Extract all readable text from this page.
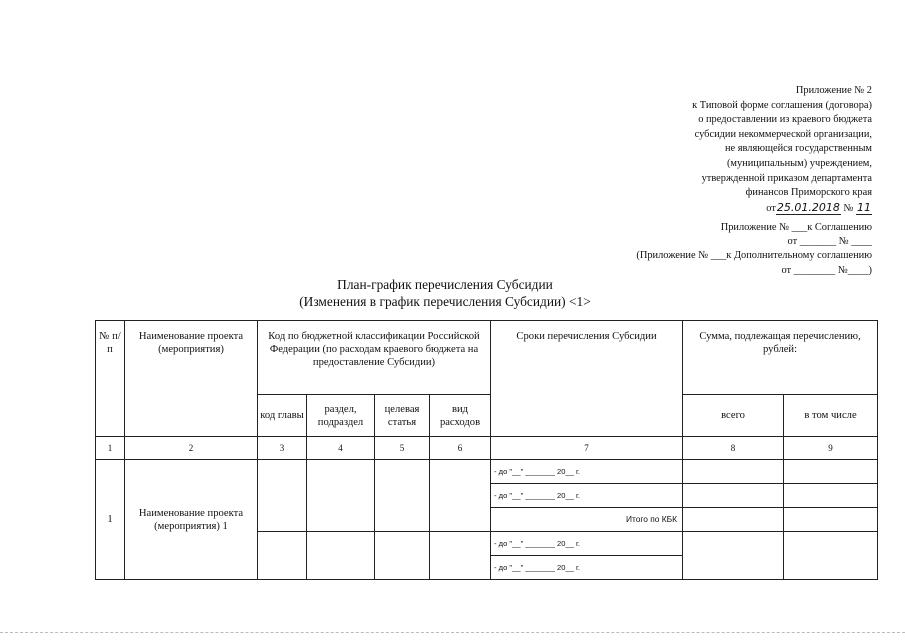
Приложение № 2
к Типовой форме соглашения (договора)
о предоставлении из краевого бюджета
субсидии некоммерческой организации,
не являющейся государственным
(муниципальным) учреждением,
утвержденной приказом департамента
финансов Приморского края
от25.01.2018 № 11
Приложение № ___к Соглашению
от _______ № ____
(Приложение № ___к Дополнительному соглашению
от ________ №____)
План-график перечисления Субсидии
(Изменения в график перечисления Субсидии) <1>
№ п/п	Наименование проекта (мероприятия)	Код по бюджетной классификации Российской Федерации (по расходам краевого бюджета на предоставление Субсидии)				Сроки перечисления Субсидии	Сумма, подлежащая перечислению, рублей:	
		код главы	раздел, подраздел	целевая статья	вид расходов		всего	в том числе
1	2	3	4	5	6	7	8	9
1	Наименование проекта (мероприятия) 1					- до "__" _______ 20__ г.		
						- до "__" _______ 20__ г.		
						Итого по КБК		
						- до "__" _______ 20__ г.		
						- до "__" _______ 20__ г.		
